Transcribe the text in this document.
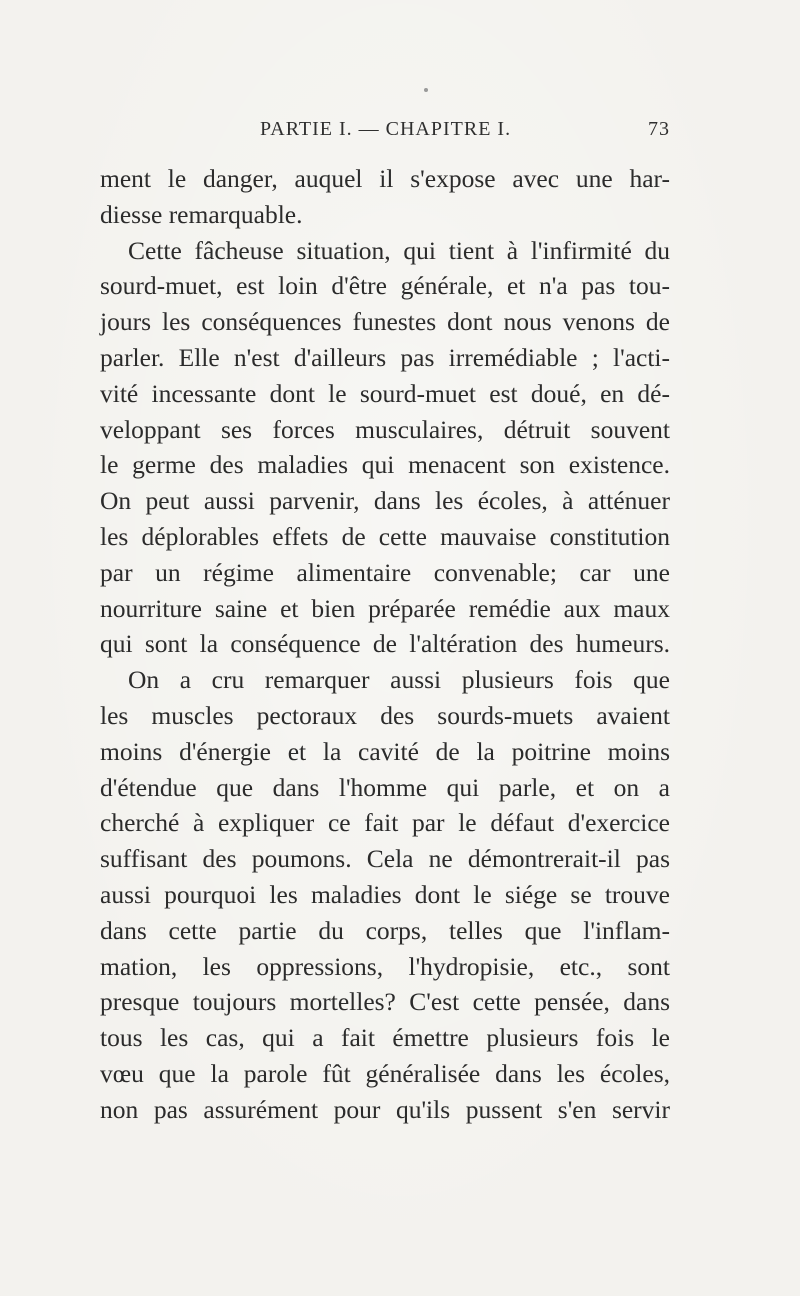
PARTIE I. — CHAPITRE I.	73
ment le danger, auquel il s'expose avec une har-
diesse remarquable.
Cette fâcheuse situation, qui tient à l'infirmité du
sourd-muet, est loin d'être générale, et n'a pas tou-
jours les conséquences funestes dont nous venons de
parler. Elle n'est d'ailleurs pas irremédiable ; l'acti-
vité incessante dont le sourd-muet est doué, en dé-
veloppant ses forces musculaires, détruit souvent
le germe des maladies qui menacent son existence.
On peut aussi parvenir, dans les écoles, à atténuer
les déplorables effets de cette mauvaise constitution
par un régime alimentaire convenable; car une
nourriture saine et bien préparée remédie aux maux
qui sont la conséquence de l'altération des humeurs.
On a cru remarquer aussi plusieurs fois que
les muscles pectoraux des sourds-muets avaient
moins d'énergie et la cavité de la poitrine moins
d'étendue que dans l'homme qui parle, et on a
cherché à expliquer ce fait par le défaut d'exercice
suffisant des poumons. Cela ne démontrerait-il pas
aussi pourquoi les maladies dont le siége se trouve
dans cette partie du corps, telles que l'inflam-
mation, les oppressions, l'hydropisie, etc., sont
presque toujours mortelles? C'est cette pensée, dans
tous les cas, qui a fait émettre plusieurs fois le
vœu que la parole fût généralisée dans les écoles,
non pas assurément pour qu'ils pussent s'en servir
